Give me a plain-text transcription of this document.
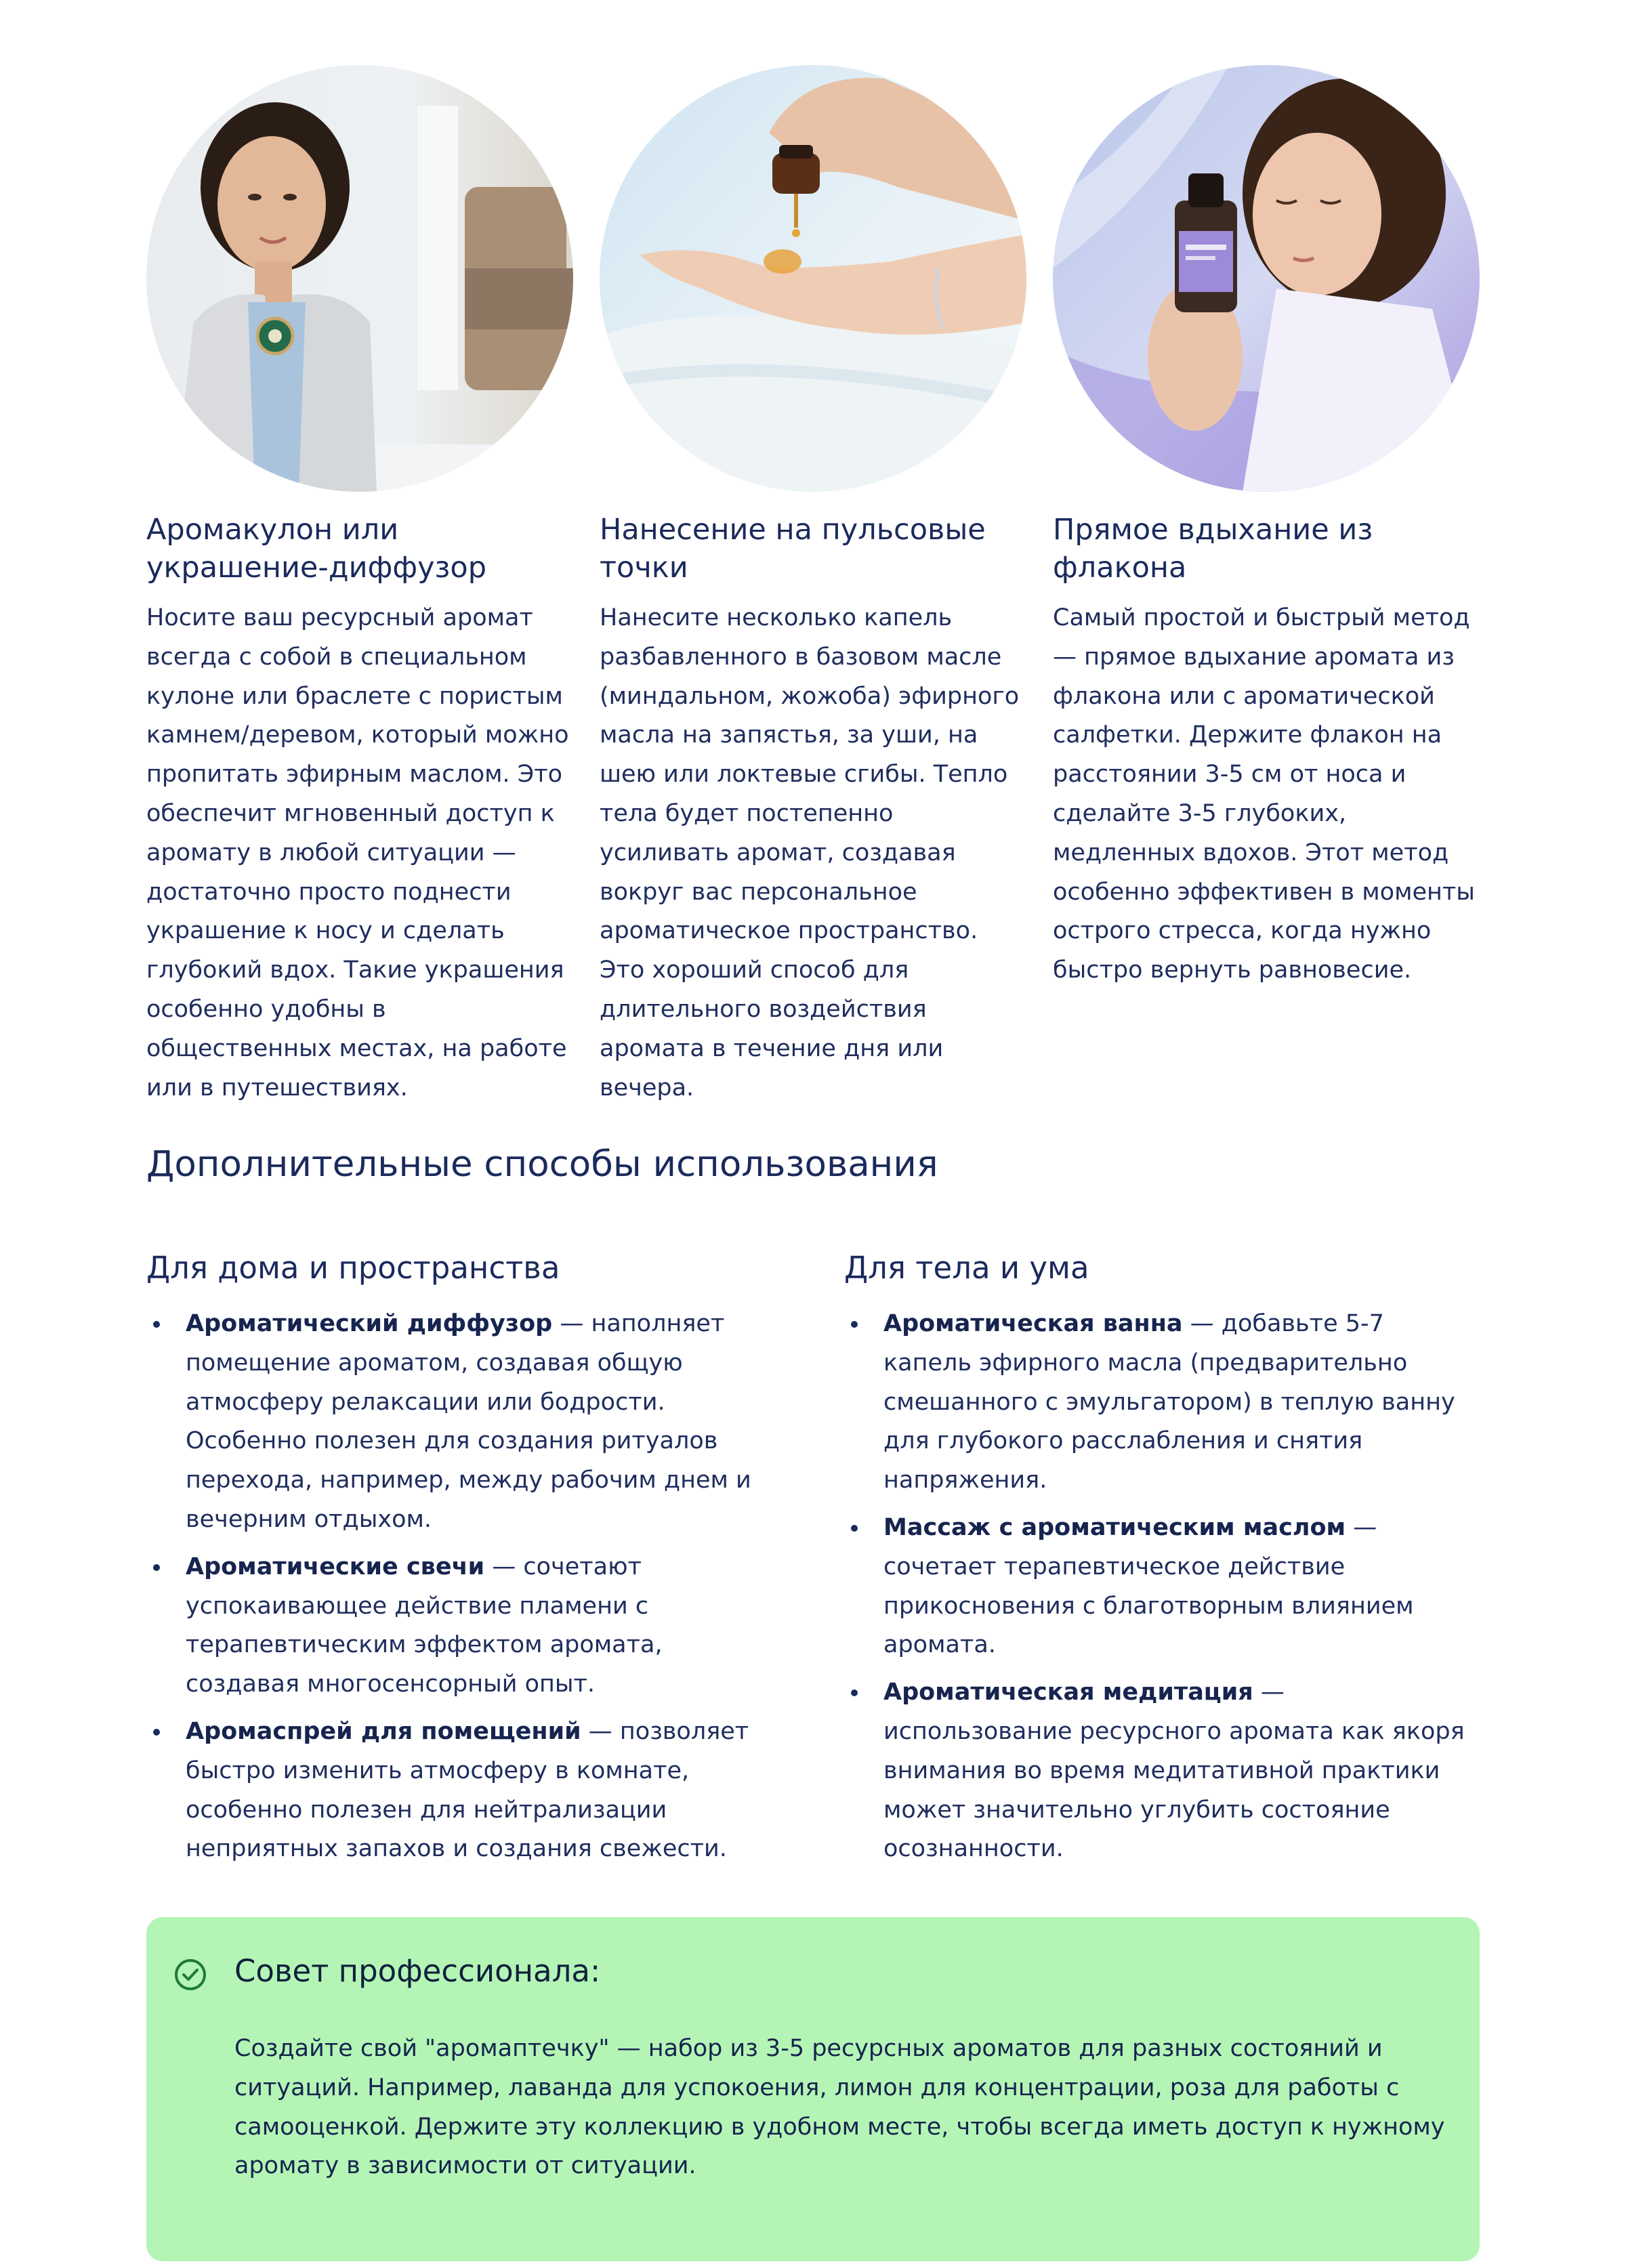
Аромакулон или украшение-диффузор

Носите ваш ресурсный аромат всегда с собой в специальном кулоне или браслете с пористым камнем/деревом, который можно пропитать эфирным маслом. Это обеспечит мгновенный доступ к аромату в любой ситуации — достаточно просто поднести украшение к носу и сделать глубокий вдох. Такие украшения особенно удобны в общественных местах, на работе или в путешествиях.

Нанесение на пульсовые точки

Нанесите несколько капель разбавленного в базовом масле (миндальном, жожоба) эфирного масла на запястья, за уши, на шею или локтевые сгибы. Тепло тела будет постепенно усиливать аромат, создавая вокруг вас персональное ароматическое пространство. Это хороший способ для длительного воздействия аромата в течение дня или вечера.

Прямое вдыхание из флакона

Самый простой и быстрый метод — прямое вдыхание аромата из флакона или с ароматической салфетки. Держите флакон на расстоянии 3-5 см от носа и сделайте 3-5 глубоких, медленных вдохов. Этот метод особенно эффективен в моменты острого стресса, когда нужно быстро вернуть равновесие.

Дополнительные способы использования
Для дома и пространства
Ароматический диффузор — наполняет помещение ароматом, создавая общую атмосферу релаксации или бодрости. Особенно полезен для создания ритуалов перехода, например, между рабочим днем и вечерним отдыхом.
Ароматические свечи — сочетают успокаивающее действие пламени с терапевтическим эффектом аромата, создавая многосенсорный опыт.
Аромаспрей для помещений — позволяет быстро изменить атмосферу в комнате, особенно полезен для нейтрализации неприятных запахов и создания свежести.
Для тела и ума
Ароматическая ванна — добавьте 5-7 капель эфирного масла (предварительно смешанного с эмульгатором) в теплую ванну для глубокого расслабления и снятия напряжения.
Массаж с ароматическим маслом — сочетает терапевтическое действие прикосновения с благотворным влиянием аромата.
Ароматическая медитация — использование ресурсного аромата как якоря внимания во время медитативной практики может значительно углубить состояние осознанности.
Совет профессионала:

Создайте свой "аромаптечку" — набор из 3-5 ресурсных ароматов для разных состояний и ситуаций. Например, лаванда для успокоения, лимон для концентрации, роза для работы с самооценкой. Держите эту коллекцию в удобном месте, чтобы всегда иметь доступ к нужному аромату в зависимости от ситуации.
